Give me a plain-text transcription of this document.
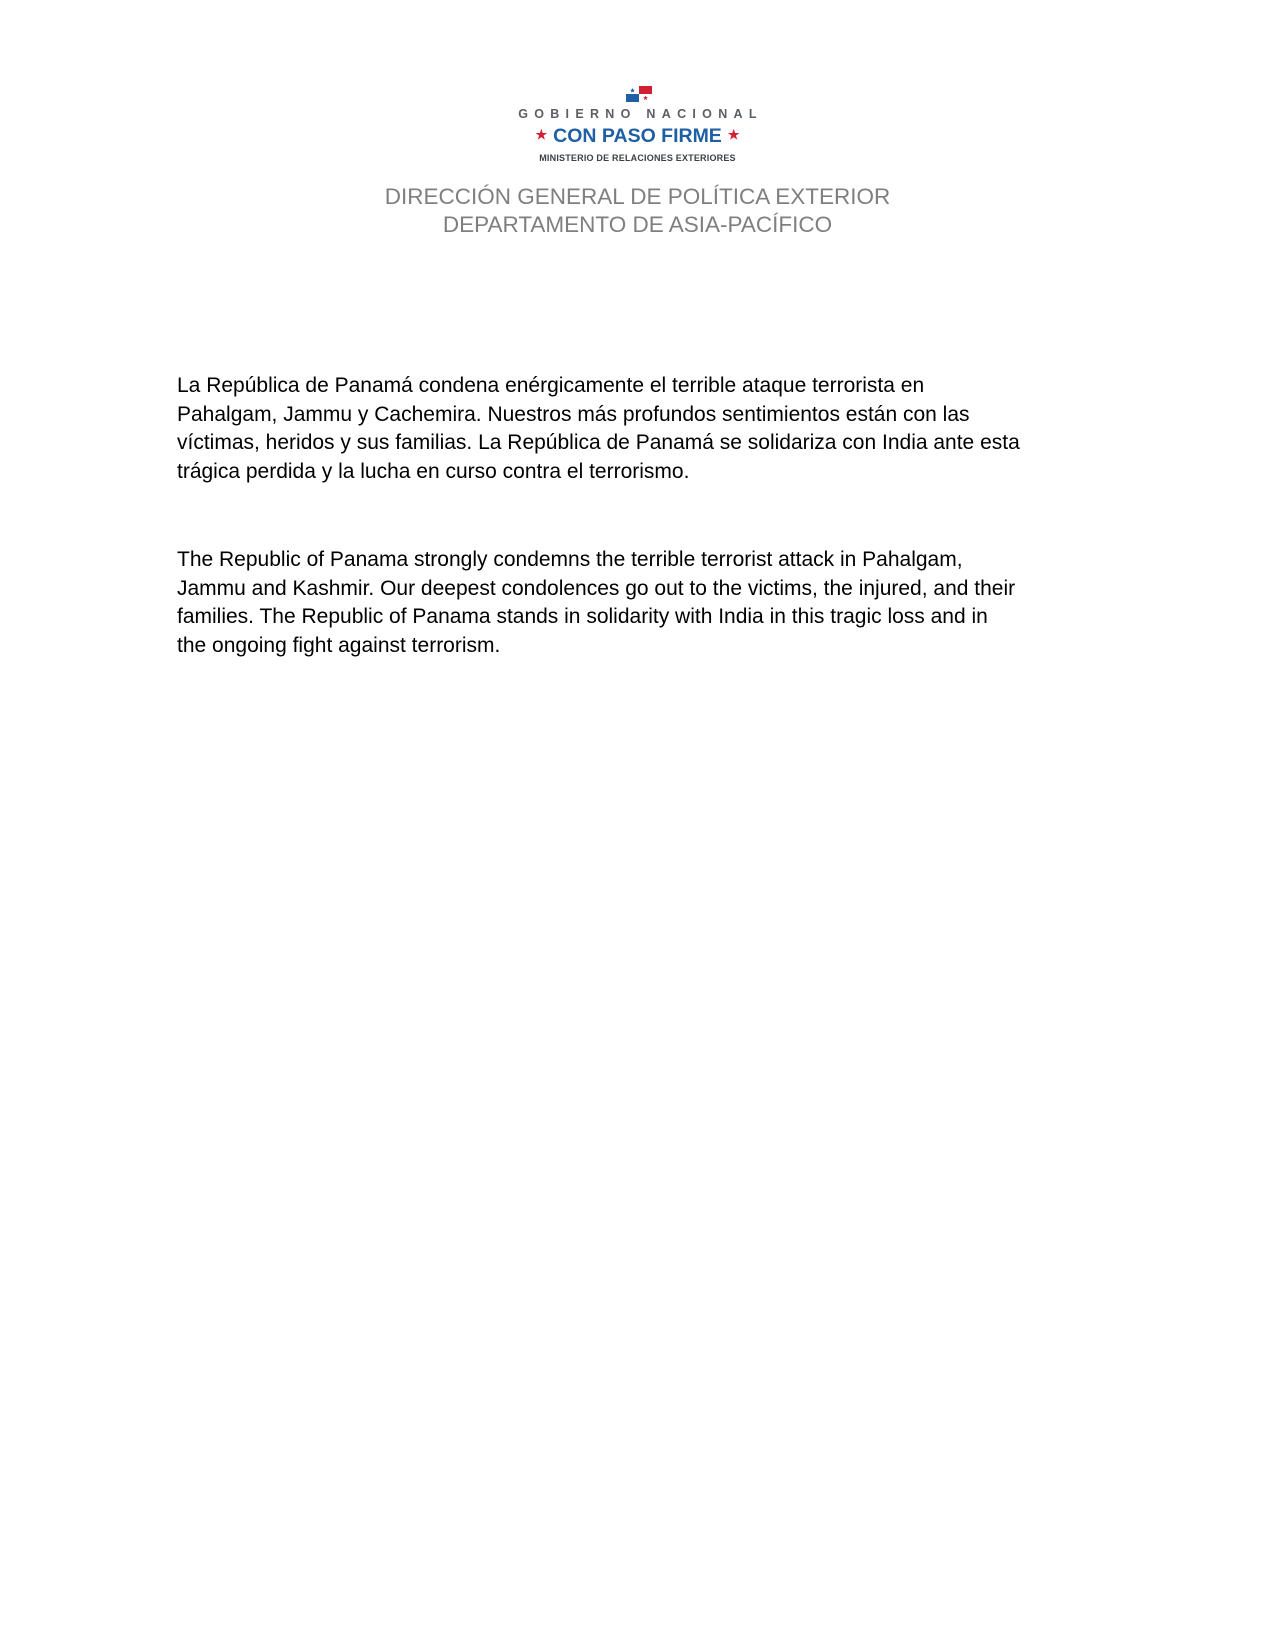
GOBIERNO NACIONAL
★ CON PASO FIRME ★
MINISTERIO DE RELACIONES EXTERIORES
DIRECCIÓN GENERAL DE POLÍTICA EXTERIOR
DEPARTAMENTO DE ASIA-PACÍFICO
La República de Panamá condena enérgicamente el terrible ataque terrorista en
Pahalgam, Jammu y Cachemira. Nuestros más profundos sentimientos están con las
víctimas, heridos y sus familias. La República de Panamá se solidariza con India ante esta
trágica perdida y la lucha en curso contra el terrorismo.
The Republic of Panama strongly condemns the terrible terrorist attack in Pahalgam,
Jammu and Kashmir. Our deepest condolences go out to the victims, the injured, and their
families. The Republic of Panama stands in solidarity with India in this tragic loss and in
the ongoing fight against terrorism.
